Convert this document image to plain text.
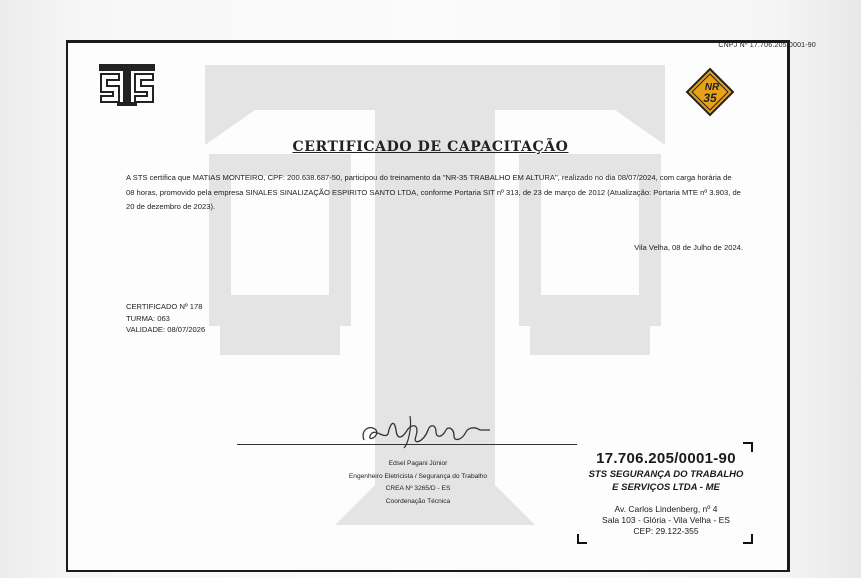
CNPJ Nº 17.706.205/0001-90
NR
35
CERTIFICADO DE CAPACITAÇÃO
A STS certifica que MATIAS MONTEIRO, CPF: 200.638.687-50, participou do treinamento da "NR-35 TRABALHO EM ALTURA", realizado no dia 08/07/2024, com carga horária de 08 horas, promovido pela empresa SINALES SINALIZAÇÃO ESPIRITO SANTO LTDA, conforme Portaria SIT nº 313, de 23 de março de 2012 (Atualização: Portaria MTE nº 3.903, de 20 de dezembro de 2023).
Vila Velha, 08 de Julho de 2024.
CERTIFICADO Nº 178
TURMA: 063
VALIDADE: 08/07/2026
Edsel Pagani Júnior
Engenheiro Eletricista / Segurança do Trabalho
CREA Nº 3265/D - ES
Coordenação Técnica
17.706.205/0001-90
STS SEGURANÇA DO TRABALHO
E SERVIÇOS LTDA - ME
Av. Carlos Lindenberg, nº 4
Sala 103 - Glória - Vila Velha - ES
CEP: 29.122-355
